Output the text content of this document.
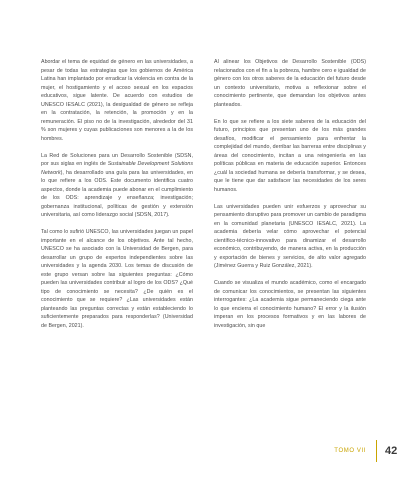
Abordar el tema de equidad de género en las universidades, a pesar de todas las estrategias que los gobiernos de América Latina han implantado por erradicar la violencia en contra de la mujer, el hostigamiento y el acoso sexual en los espacios educativos, sigue latente. De acuerdo con estudios de UNESCO IESALC (2021), la desigualdad de género se refleja en la contratación, la retención, la promoción y en la remuneración. El piso no de la investigación, alrededor del 31 % son mujeres y cuyas publicaciones son menores a la de los hombres.

La Red de Soluciones para un Desarrollo Sostenible (SDSN, por sus siglas en inglés de Sustainable Development Solutions Network), ha desarrollado una guía para las universidades, en lo que refiere a los ODS. Este documento identifica cuatro aspectos, donde la academia puede abonar en el cumplimiento de los ODS: aprendizaje y enseñanza; investigación; gobernanza institucional, políticas de gestión y extensión universitaria, así como liderazgo social (SDSN, 2017).

Tal como lo sufirió UNESCO, las universidades juegan un papel importante en el alcance de los objetivos. Ante tal hecho, UNESCO se ha asociado con la Universidad de Bergen, para desarrollar un grupo de expertos independientes sobre las universidades y la agenda 2030. Los temas de discusión de este grupo versan sobre las siguientes preguntas: ¿Cómo pueden las universidades contribuir al logro de los ODS? ¿Qué tipo de conocimiento se necesita? ¿De quién es el conocimiento que se requiere? ¿Las universidades están planteando las preguntas correctas y están estableciendo lo suficientemente preparados para responderlas? (Universidad de Bergen, 2021).

Al alinear los Objetivos de Desarrollo Sostenible (ODS) relacionados con el fin a la pobreza, hambre cero e igualdad de género con los otros saberes de la educación del futuro desde un contexto universitario, motiva a reflexionar sobre el conocimiento pertinente, que demandan los objetivos antes planteados.

En lo que se refiere a los siete saberes de la educación del futuro, principios que presentan uno de los más grandes desafíos, modificar el pensamiento para enfrentar la complejidad del mundo, derribar las barreras entre disciplinas y áreas del conocimiento, incitan a una reingeniería en las políticas públicas en materia de educación superior. Entonces ¿cuál la sociedad humana se debería transformar, y se desea, que le tiene que dar satisfacer las necesidades de los seres humanos.

Las universidades pueden unir esfuerzos y aprovechar su pensamiento disruptivo para promover un cambio de paradigma en la comunidad planetaria (UNESCO IESALC, 2021). La academia debería velar cómo aprovechar el potencial científico-técnico-innovativo para dinamizar el desarrollo económico, contribuyendo, de manera activa, en la producción y exportación de bienes y servicios, de alto valor agregado (Jiménez Guerra y Ruiz González, 2021).

Cuando se visualiza el mundo académico, como el encargado de comunicar los conocimientos, se presentan las siguientes interrogantes: ¿La academia sigue permaneciendo ciega ante lo que encierra el conocimiento humano? El error y la ilusión imperan en los procesos formativos y en las labores de investigación, sin que

TOMO VII 42
